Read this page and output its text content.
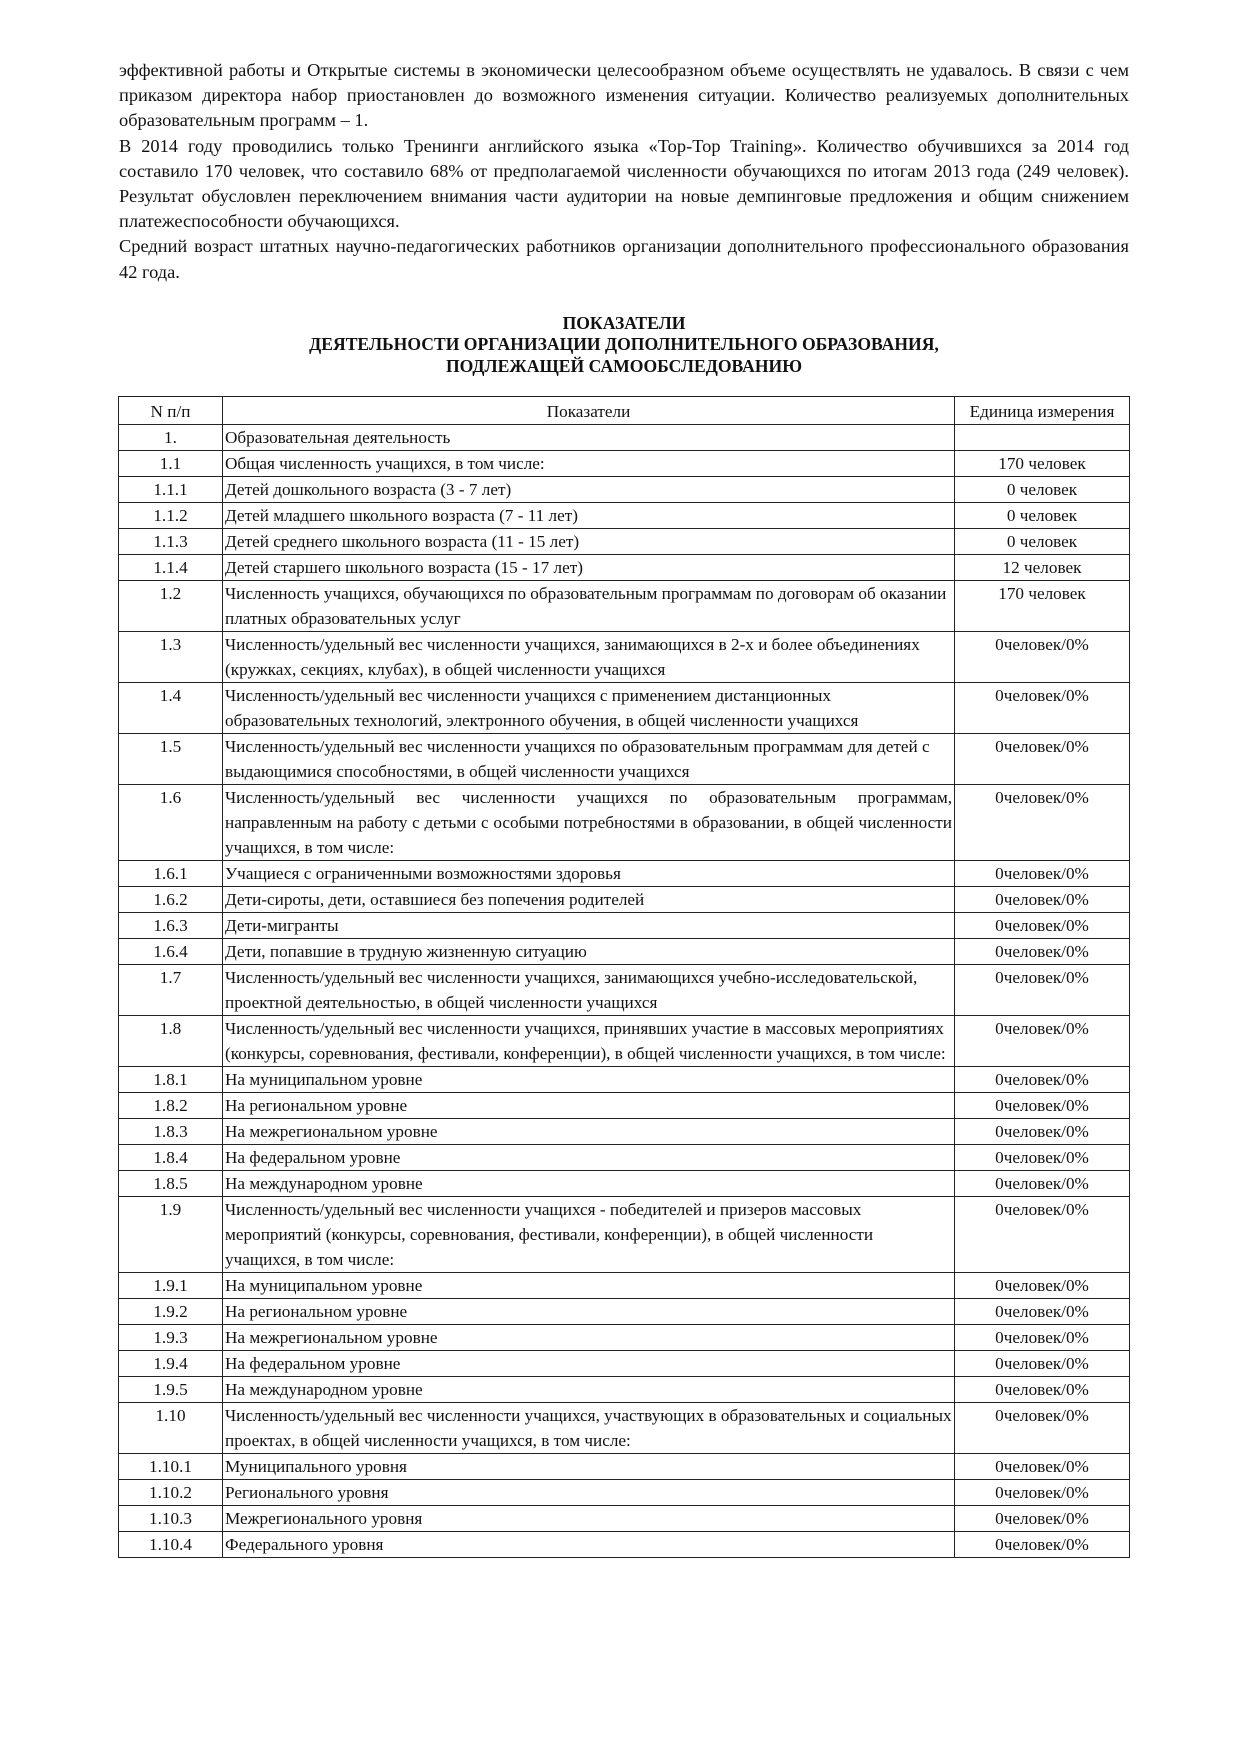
эффективной работы и Открытые системы в экономически целесообразном объеме осуществлять не удавалось. В связи с чем приказом директора набор приостановлен до возможного изменения ситуации. Количество реализуемых дополнительных образовательным программ – 1.

В 2014 году проводились только Тренинги английского языка «Top-Top Training». Количество обучившихся за 2014 год составило 170 человек, что составило 68% от предполагаемой численности обучающихся по итогам 2013 года (249 человек). Результат обусловлен переключением внимания части аудитории на новые демпинговые предложения и общим снижением платежеспособности обучающихся.

Средний возраст штатных научно-педагогических работников организации дополнительного профессионального образования 42 года.

ПОКАЗАТЕЛИ
ДЕЯТЕЛЬНОСТИ ОРГАНИЗАЦИИ ДОПОЛНИТЕЛЬНОГО ОБРАЗОВАНИЯ,
ПОДЛЕЖАЩЕЙ САМООБСЛЕДОВАНИЮ
N п/п	Показатели	Единица измерения
1.	Образовательная деятельность	
1.1	Общая численность учащихся, в том числе:	170 человек
1.1.1	Детей дошкольного возраста (3 - 7 лет)	0 человек
1.1.2	Детей младшего школьного возраста (7 - 11 лет)	0 человек
1.1.3	Детей среднего школьного возраста (11 - 15 лет)	0 человек
1.1.4	Детей старшего школьного возраста (15 - 17 лет)	12 человек
1.2	Численность учащихся, обучающихся по образовательным программам по договорам об оказании платных образовательных услуг	170 человек
1.3	Численность/удельный вес численности учащихся, занимающихся в 2-х и более объединениях (кружках, секциях, клубах), в общей численности учащихся	0человек/0%
1.4	Численность/удельный вес численности учащихся с применением дистанционных образовательных технологий, электронного обучения, в общей численности учащихся	0человек/0%
1.5	Численность/удельный вес численности учащихся по образовательным программам для детей с выдающимися способностями, в общей численности учащихся	0человек/0%
1.6	Численность/удельный вес численности учащихся по образовательным программам, направленным на работу с детьми с особыми потребностями в образовании, в общей численности учащихся, в том числе:	0человек/0%
1.6.1	Учащиеся с ограниченными возможностями здоровья	0человек/0%
1.6.2	Дети-сироты, дети, оставшиеся без попечения родителей	0человек/0%
1.6.3	Дети-мигранты	0человек/0%
1.6.4	Дети, попавшие в трудную жизненную ситуацию	0человек/0%
1.7	Численность/удельный вес численности учащихся, занимающихся учебно-исследовательской, проектной деятельностью, в общей численности учащихся	0человек/0%
1.8	Численность/удельный вес численности учащихся, принявших участие в массовых мероприятиях (конкурсы, соревнования, фестивали, конференции), в общей численности учащихся, в том числе:	0человек/0%
1.8.1	На муниципальном уровне	0человек/0%
1.8.2	На региональном уровне	0человек/0%
1.8.3	На межрегиональном уровне	0человек/0%
1.8.4	На федеральном уровне	0человек/0%
1.8.5	На международном уровне	0человек/0%
1.9	Численность/удельный вес численности учащихся - победителей и призеров массовых мероприятий (конкурсы, соревнования, фестивали, конференции), в общей численности учащихся, в том числе:	0человек/0%
1.9.1	На муниципальном уровне	0человек/0%
1.9.2	На региональном уровне	0человек/0%
1.9.3	На межрегиональном уровне	0человек/0%
1.9.4	На федеральном уровне	0человек/0%
1.9.5	На международном уровне	0человек/0%
1.10	Численность/удельный вес численности учащихся, участвующих в образовательных и социальных проектах, в общей численности учащихся, в том числе:	0человек/0%
1.10.1	Муниципального уровня	0человек/0%
1.10.2	Регионального уровня	0человек/0%
1.10.3	Межрегионального уровня	0человек/0%
1.10.4	Федерального уровня	0человек/0%
